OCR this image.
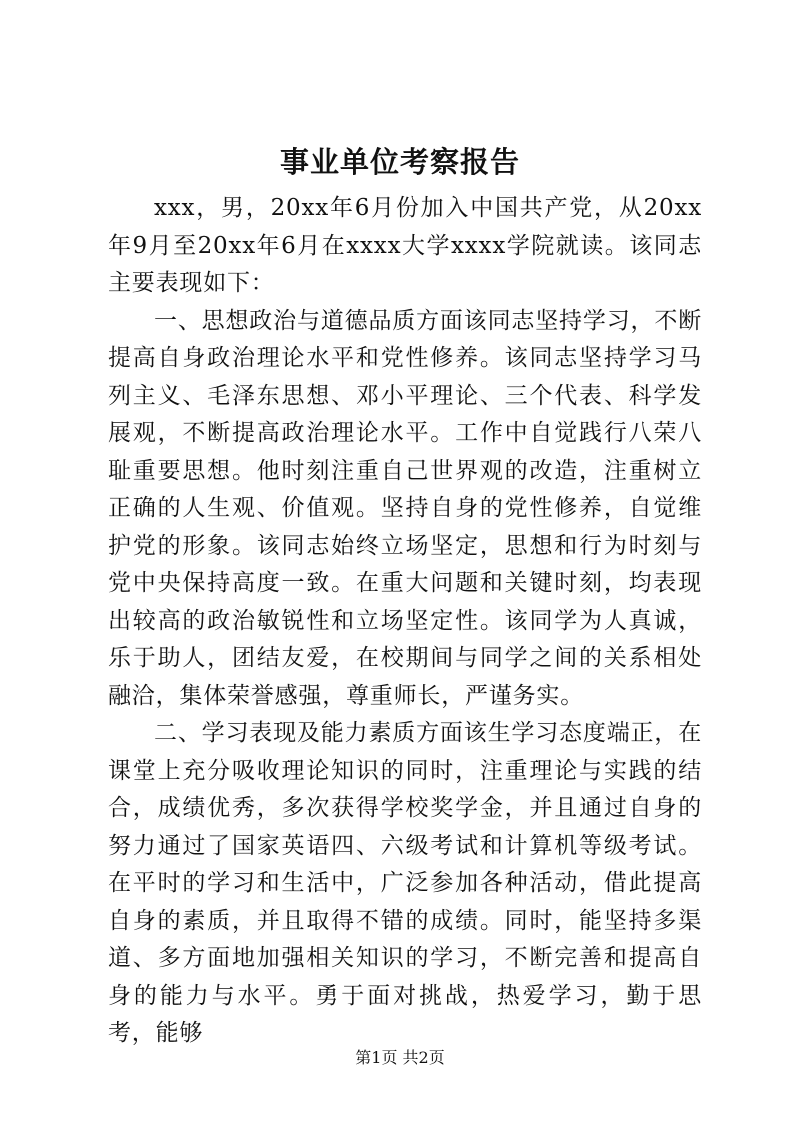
事业单位考察报告

xxx，男，20xx年6月份加入中国共产党，从20xx年9月至20xx年6月在xxxx大学xxxx学院就读。该同志主要表现如下：

一、思想政治与道德品质方面该同志坚持学习，不断提高自身政治理论水平和党性修养。该同志坚持学习马列主义、毛泽东思想、邓小平理论、三个代表、科学发展观，不断提高政治理论水平。工作中自觉践行八荣八耻重要思想。他时刻注重自己世界观的改造，注重树立正确的人生观、价值观。坚持自身的党性修养，自觉维护党的形象。该同志始终立场坚定，思想和行为时刻与党中央保持高度一致。在重大问题和关键时刻，均表现出较高的政治敏锐性和立场坚定性。该同学为人真诚，乐于助人，团结友爱，在校期间与同学之间的关系相处融洽，集体荣誉感强，尊重师长，严谨务实。

二、学习表现及能力素质方面该生学习态度端正，在课堂上充分吸收理论知识的同时，注重理论与实践的结合，成绩优秀，多次获得学校奖学金，并且通过自身的努力通过了国家英语四、六级考试和计算机等级考试。在平时的学习和生活中，广泛参加各种活动，借此提高自身的素质，并且取得不错的成绩。同时，能坚持多渠道、多方面地加强相关知识的学习，不断完善和提高自身的能力与水平。勇于面对挑战，热爱学习，勤于思考，能够

第1页 共2页
